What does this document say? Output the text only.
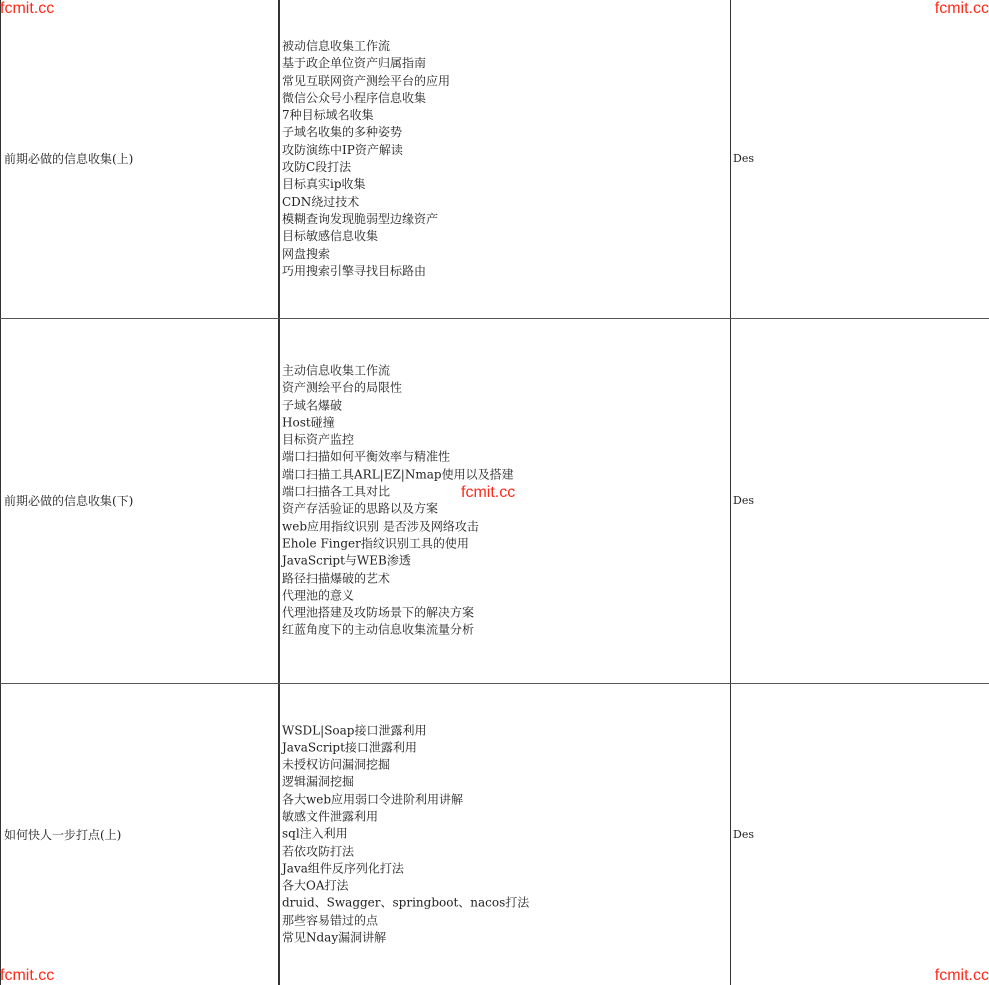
前期必做的信息收集(上)
被动信息收集工作流
基于政企单位资产归属指南
常见互联网资产测绘平台的应用
微信公众号小程序信息收集
7种目标域名收集
子域名收集的多种姿势
攻防演练中IP资产解读
攻防C段打法
目标真实ip收集
CDN绕过技术
模糊查询发现脆弱型边缘资产
目标敏感信息收集
网盘搜索
巧用搜索引擎寻找目标路由
Des
前期必做的信息收集(下)
主动信息收集工作流
资产测绘平台的局限性
子域名爆破
Host碰撞
目标资产监控
端口扫描如何平衡效率与精准性
端口扫描工具ARL|EZ|Nmap使用以及搭建
端口扫描各工具对比
资产存活验证的思路以及方案
web应用指纹识别 是否涉及网络攻击
Ehole Finger指纹识别工具的使用
JavaScript与WEB渗透
路径扫描爆破的艺术
代理池的意义
代理池搭建及攻防场景下的解决方案
红蓝角度下的主动信息收集流量分析
Des
如何快人一步打点(上)
WSDL|Soap接口泄露利用
JavaScript接口泄露利用
未授权访问漏洞挖掘
逻辑漏洞挖掘
各大web应用弱口令进阶利用讲解
敏感文件泄露利用
sql注入利用
若依攻防打法
Java组件反序列化打法
各大OA打法
druid、Swagger、springboot、nacos打法
那些容易错过的点
常见Nday漏洞讲解
Des
fcmit.cc	fcmit.cc
fcmit.cc
fcmit.cc	fcmit.cc
